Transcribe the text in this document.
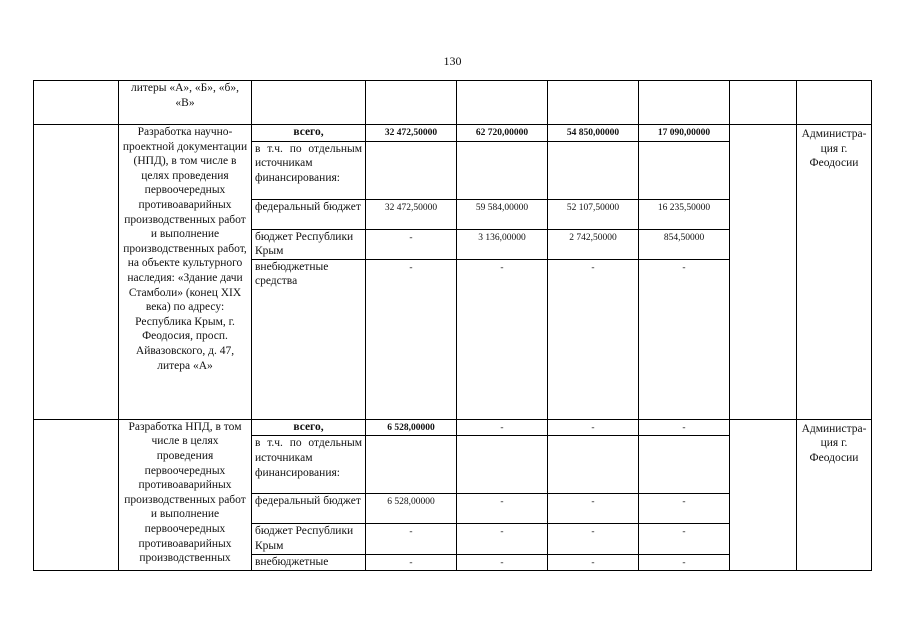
130
	литеры «А», «Б», «б», «В»							
	Разработка научно-проектной документации (НПД), в том числе в целях проведения первоочередных противоаварийных производственных работ и выполнение производственных работ, на объекте культурного наследия: «Здание дачи Стамболи» (конец XIX века) по адресу: Республика Крым, г. Феодосия, просп. Айвазовского, д. 47, литера «А»	всего,	32 472,50000	62 720,00000	54 850,00000	17 090,00000		Администра-ция г. Феодосии
		в т.ч. по отдельным источникам финансирования:						
		федеральный бюджет	32 472,50000	59 584,00000	52 107,50000	16 235,50000		
		бюджет Республики Крым	-	3 136,00000	2 742,50000	854,50000		
		внебюджетные средства	-	-	-	-		
	Разработка НПД, в том числе в целях проведения первоочередных противоаварийных производственных работ и выполнение первоочередных противоаварийных производственных	всего,	6 528,00000	-	-	-		Администра-ция г. Феодосии
		в т.ч. по отдельным источникам финансирования:						
		федеральный бюджет	6 528,00000	-	-	-		
		бюджет Республики Крым	-	-	-	-		
		внебюджетные	-	-	-	-		
